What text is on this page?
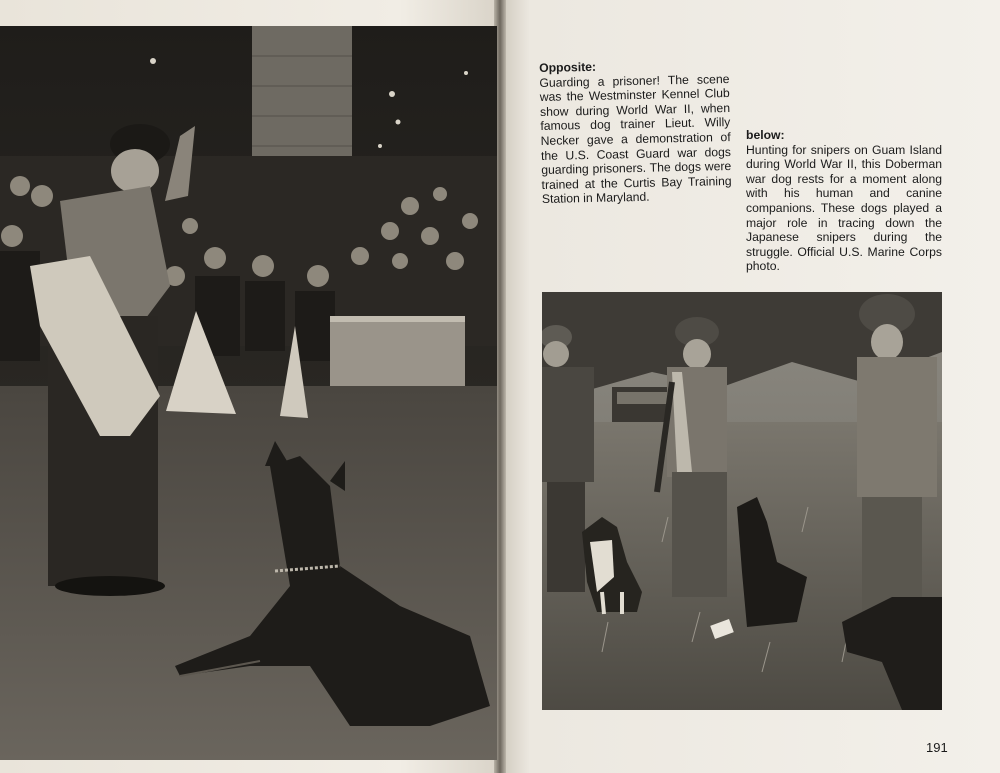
Opposite:

Guarding a prisoner! The scene was the Westminster Kennel Club show during World War II, when famous dog trainer Lieut. Willy Necker gave a demonstration of the U.S. Coast Guard war dogs guarding prisoners. The dogs were trained at the Curtis Bay Training Station in Maryland.

below:

Hunting for snipers on Guam Island during World War II, this Doberman war dog rests for a moment along with his human and canine companions. These dogs played a major role in tracing down the Japanese snipers during the struggle. Official U.S. Marine Corps photo.

191
